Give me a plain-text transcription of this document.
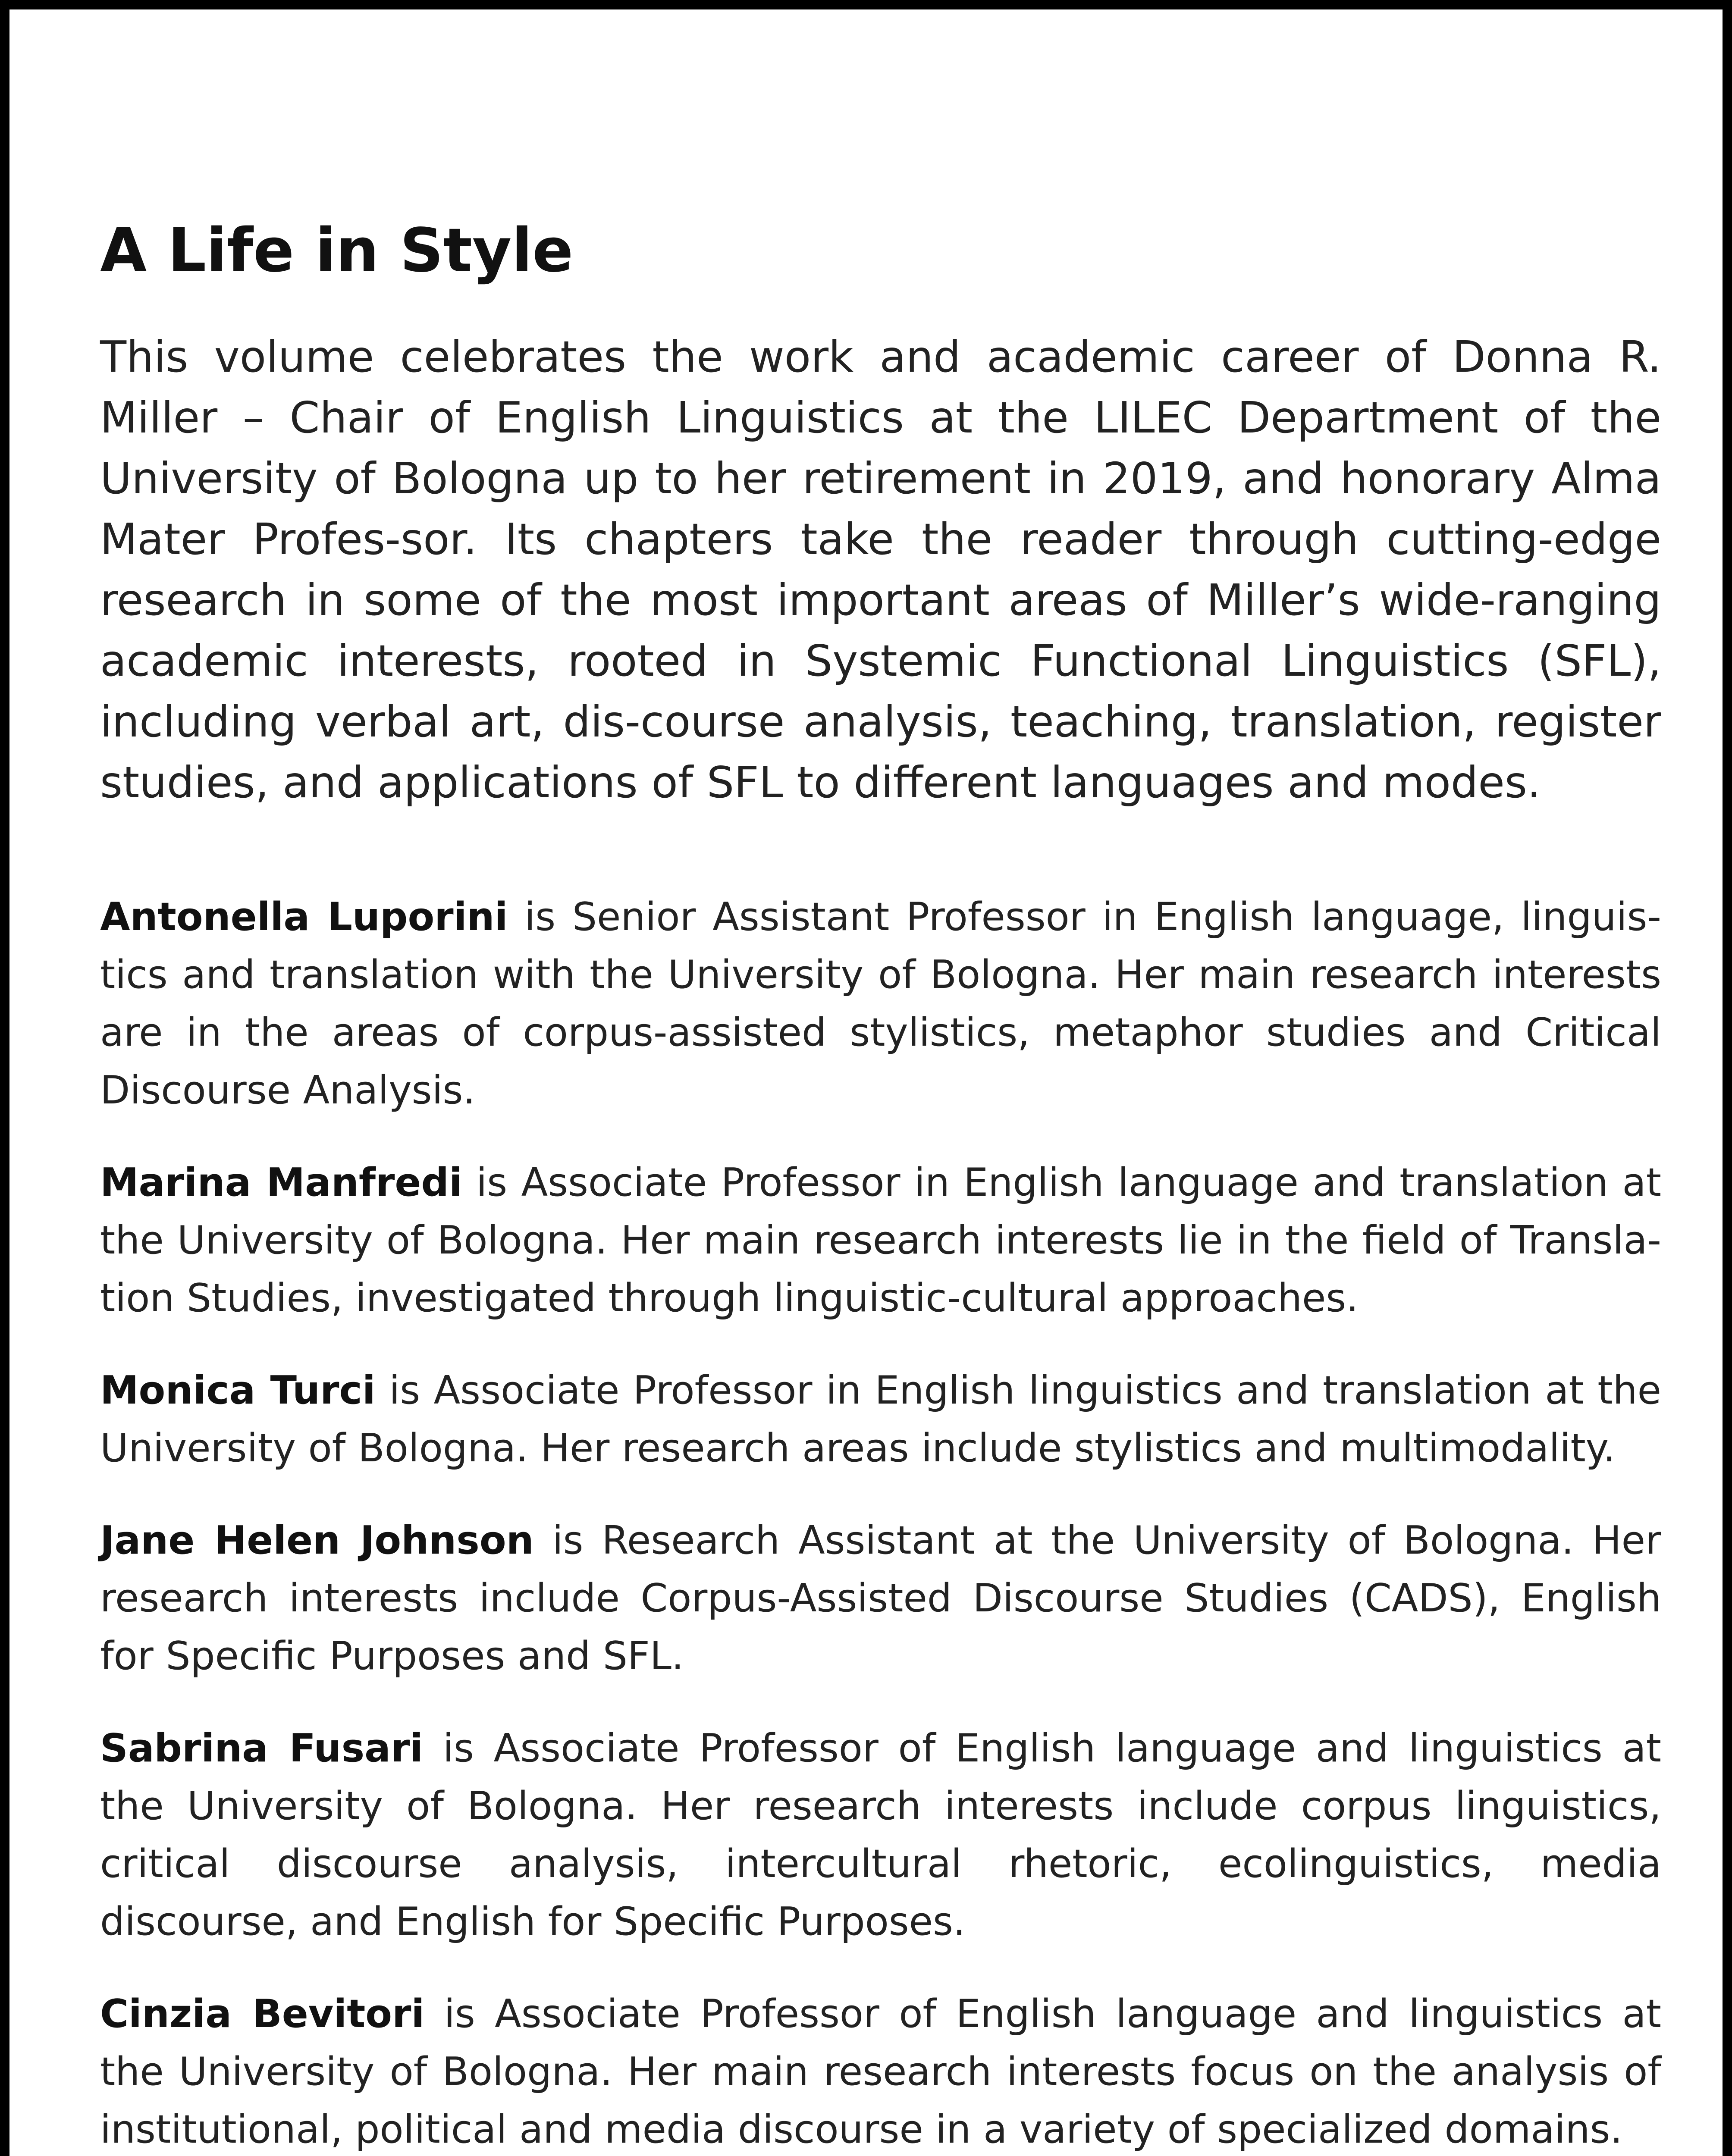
A Life in Style

This volume celebrates the work and academic career of Donna R. Miller – Chair of English Linguistics at the LILEC Department of the University of Bologna up to her retirement in 2019, and honorary Alma Mater Profes-sor. Its chapters take the reader through cutting-edge research in some of the most important areas of Miller’s wide-ranging academic interests, rooted in Systemic Functional Linguistics (SFL), including verbal art, dis-course analysis, teaching, translation, register studies, and applications of SFL to different languages and modes.

Antonella Luporini is Senior Assistant Professor in English language, linguis-tics and translation with the University of Bologna. Her main research interests are in the areas of corpus-assisted stylistics, metaphor studies and Critical Discourse Analysis.

Marina Manfredi is Associate Professor in English language and translation at the University of Bologna. Her main research interests lie in the field of Transla-tion Studies, investigated through linguistic-cultural approaches.

Monica Turci is Associate Professor in English linguistics and translation at the University of Bologna. Her research areas include stylistics and multimodality.

Jane Helen Johnson is Research Assistant at the University of Bologna. Her research interests include Corpus-Assisted Discourse Studies (CADS), English for Specific Purposes and SFL.

Sabrina Fusari is Associate Professor of English language and linguistics at the University of Bologna. Her research interests include corpus linguistics, critical discourse analysis, intercultural rhetoric, ecolinguistics, media discourse, and English for Specific Purposes.

Cinzia Bevitori is Associate Professor of English language and linguistics at the University of Bologna. Her main research interests focus on the analysis of institutional, political and media discourse in a variety of specialized domains.
